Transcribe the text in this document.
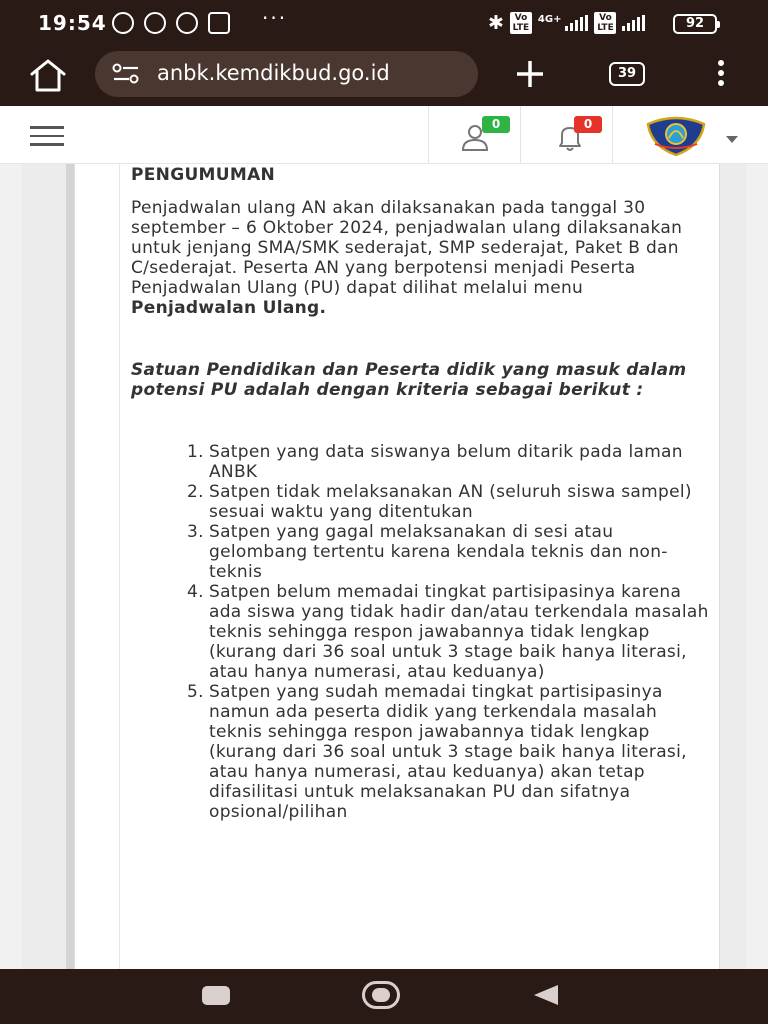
19:54	···	✱	Vo LTE
4G+	Vo LTE	92
anbk.kemdikbud.go.id	39
0	0
PENGUMUMAN
Penjadwalan ulang AN akan dilaksanakan pada tanggal 30 september – 6 Oktober 2024, penjadwalan ulang dilaksanakan untuk jenjang SMA/SMK sederajat, SMP sederajat, Paket B dan C/sederajat. Peserta AN yang berpotensi menjadi Peserta Penjadwalan Ulang (PU) dapat dilihat melalui menu Penjadwalan Ulang.
Satuan Pendidikan dan Peserta didik yang masuk dalam potensi PU adalah dengan kriteria sebagai berikut :
1. Satpen yang data siswanya belum ditarik pada laman ANBK
2. Satpen tidak melaksanakan AN (seluruh siswa sampel) sesuai waktu yang ditentukan
3. Satpen yang gagal melaksanakan di sesi atau gelombang tertentu karena kendala teknis dan non-teknis
4. Satpen belum memadai tingkat partisipasinya karena ada siswa yang tidak hadir dan/atau terkendala masalah teknis sehingga respon jawabannya tidak lengkap (kurang dari 36 soal untuk 3 stage baik hanya literasi, atau hanya numerasi, atau keduanya)
5. Satpen yang sudah memadai tingkat partisipasinya namun ada peserta didik yang terkendala masalah teknis sehingga respon jawabannya tidak lengkap (kurang dari 36 soal untuk 3 stage baik hanya literasi, atau hanya numerasi, atau keduanya) akan tetap difasilitasi untuk melaksanakan PU dan sifatnya opsional/pilihan
